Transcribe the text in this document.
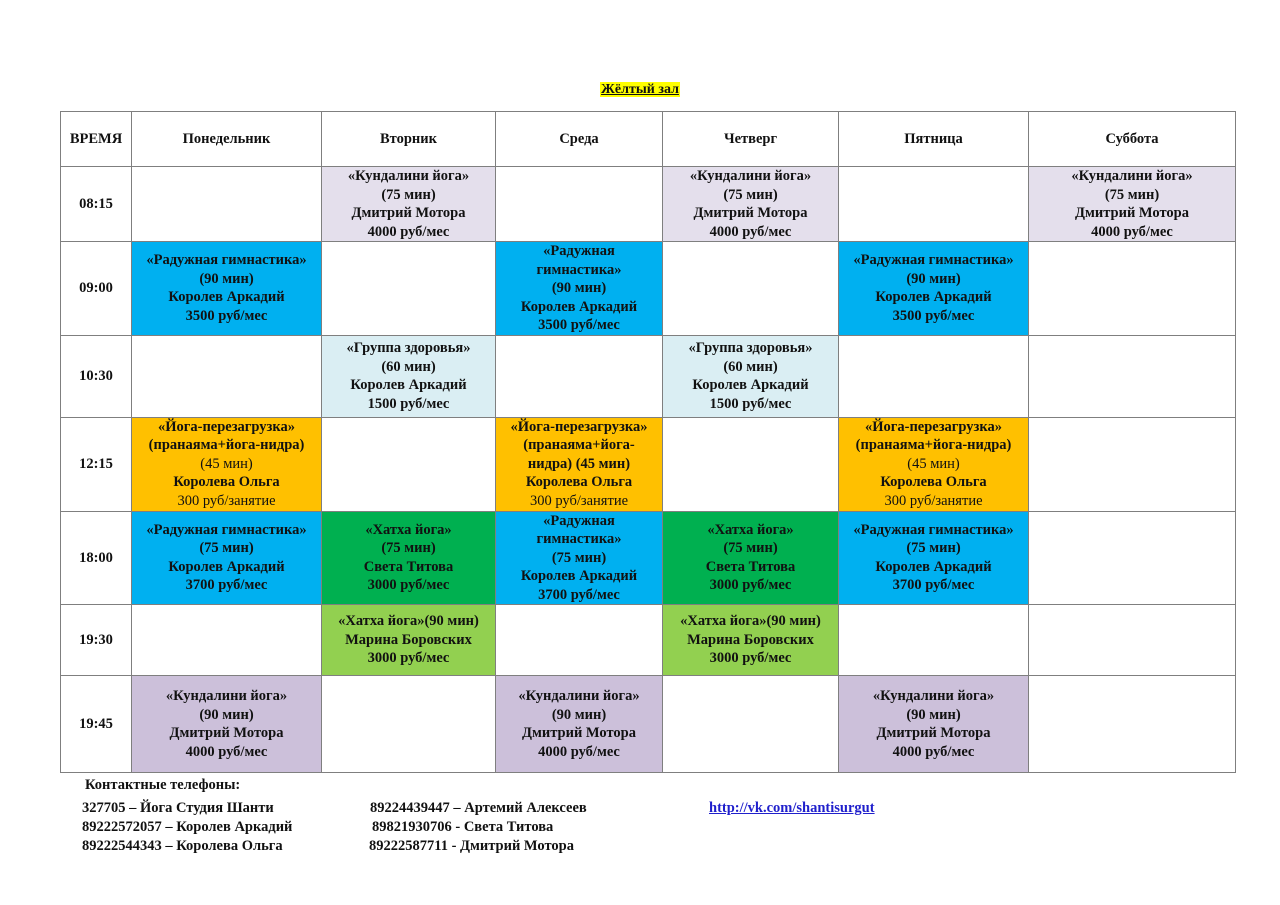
Жёлтый зал
ВРЕМЯ	Понедельник	Вторник	Среда	Четверг	Пятница	Суббота
08:15		«Кундалини йога»
(75 мин)
Дмитрий Мотора
4000 руб/мес		«Кундалини йога»
(75 мин)
Дмитрий Мотора
4000 руб/мес		«Кундалини йога»
(75 мин)
Дмитрий Мотора
4000 руб/мес

09:00	«Радужная гимнастика»
(90 мин)
Королев Аркадий
3500 руб/мес		«Радужная
гимнастика»
(90 мин)
Королев Аркадий
3500 руб/мес		«Радужная гимнастика»
(90 мин)
Королев Аркадий
3500 руб/мес	

10:30		«Группа здоровья»
(60 мин)
Королев Аркадий
1500 руб/мес		«Группа здоровья»
(60 мин)
Королев Аркадий
1500 руб/мес		

12:15	«Йога-перезагрузка»
(пранаяма+йога-нидра)
(45 мин)
Королева Ольга
300 руб/занятие		«Йога-перезагрузка»
(пранаяма+йога-
нидра) (45 мин)
Королева Ольга
300 руб/занятие		«Йога-перезагрузка»
(пранаяма+йога-нидра)
(45 мин)
Королева Ольга
300 руб/занятие	

18:00	«Радужная гимнастика»
(75 мин)
Королев Аркадий
3700 руб/мес	«Хатха йога»
(75 мин)
Света Титова
3000 руб/мес	«Радужная
гимнастика»
(75 мин)
Королев Аркадий
3700 руб/мес	«Хатха йога»
(75 мин)
Света Титова
3000 руб/мес	«Радужная гимнастика»
(75 мин)
Королев Аркадий
3700 руб/мес	

19:30		«Хатха йога»(90 мин)
Марина Боровских
3000 руб/мес		«Хатха йога»(90 мин)
Марина Боровских
3000 руб/мес		

19:45	«Кундалини йога»
(90 мин)
Дмитрий Мотора
4000 руб/мес		«Кундалини йога»
(90 мин)
Дмитрий Мотора
4000 руб/мес		«Кундалини йога»
(90 мин)
Дмитрий Мотора
4000 руб/мес	

Контактные телефоны:
327705 – Йога Студия Шанти
89222572057 – Королев Аркадий
89222544343 – Королева Ольга
89224439447 – Артемий Алексеев
89821930706 - Света Титова
89222587711 - Дмитрий Мотора
http://vk.com/shantisurgut
